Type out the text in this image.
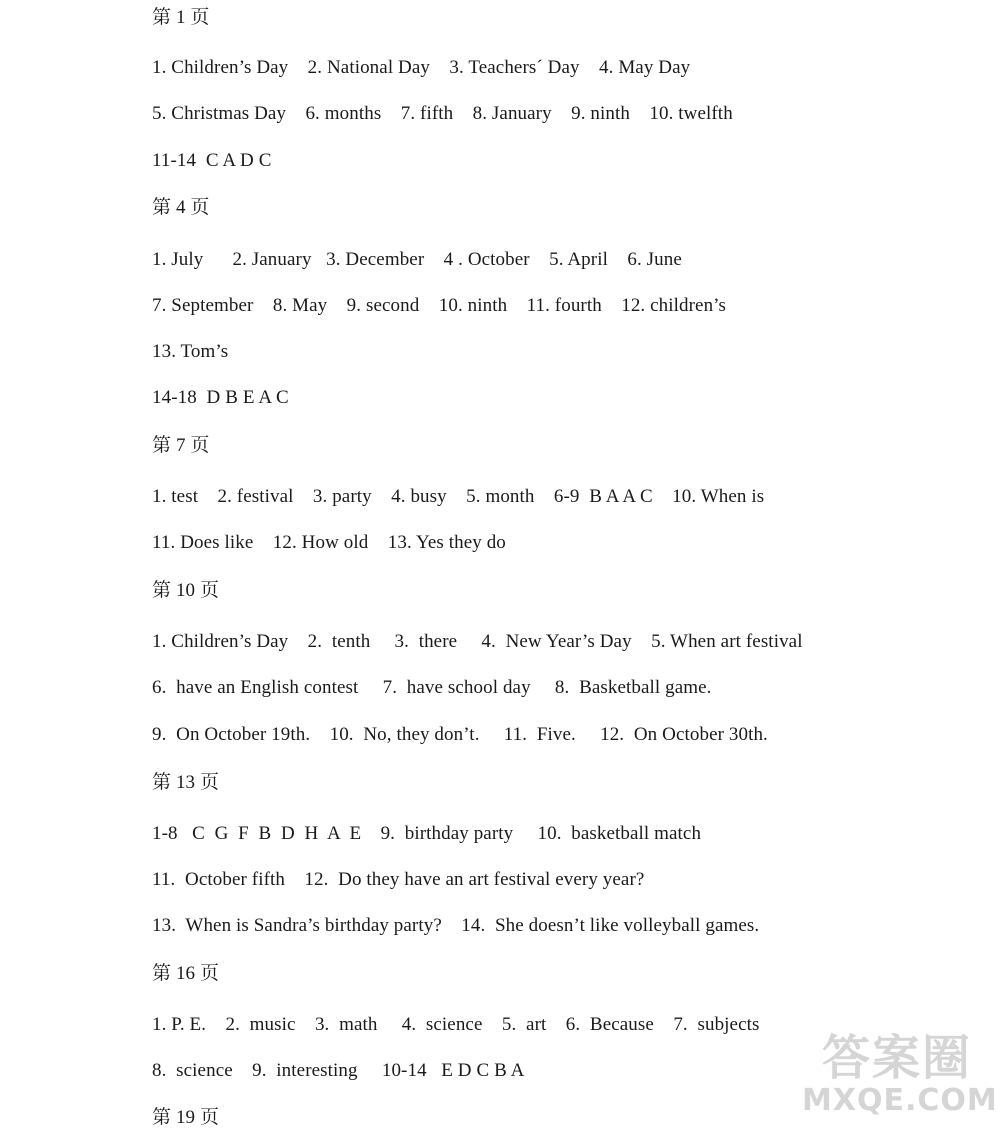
第 1 页
1. Children’s Day    2. National Day    3. Teachers´ Day    4. May Day
5. Christmas Day    6. months    7. fifth    8. January    9. ninth    10. twelfth
11-14  C A D C
第 4 页
1. July      2. January   3. December    4 . October    5. April    6. June
7. September    8. May    9. second    10. ninth    11. fourth    12. children’s
13. Tom’s
14-18  D B E A C
第 7 页
1. test    2. festival    3. party    4. busy    5. month    6-9  B A A C    10. When is
11. Does like    12. How old    13. Yes they do
第 10 页
1. Children’s Day    2.  tenth     3.  there     4.  New Year’s Day    5. When art festival
6.  have an English contest     7.  have school day     8.  Basketball game.
9.  On October 19th.    10.  No, they don’t.     11.  Five.     12.  On October 30th.
第 13 页
1-8   C  G  F  B  D  H  A  E    9.  birthday party     10.  basketball match
11.  October fifth    12.  Do they have an art festival every year?
13.  When is Sandra’s birthday party?    14.  She doesn’t like volleyball games.
第 16 页
1. P. E.    2.  music    3.  math     4.  science    5.  art    6.  Because    7.  subjects
8.  science    9.  interesting     10-14   E D C B A
第 19 页
答案圈
MXQE.COM
